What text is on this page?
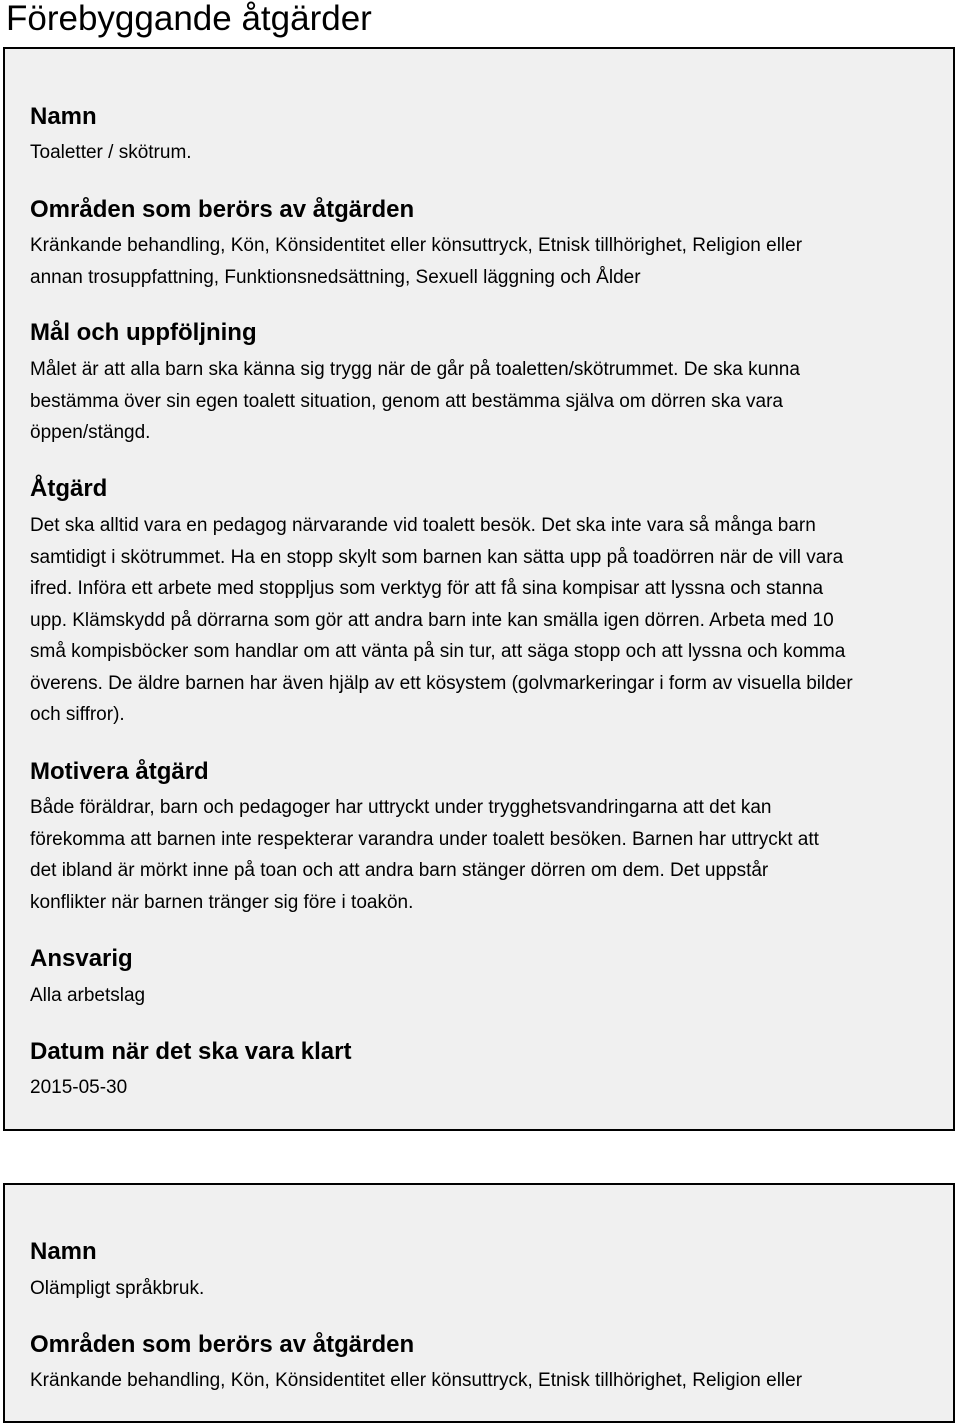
Förebyggande åtgärder
Namn

Toaletter / skötrum.

Områden som berörs av åtgärden

Kränkande behandling, Kön, Könsidentitet eller könsuttryck, Etnisk tillhörighet, Religion eller
annan trosuppfattning, Funktionsnedsättning, Sexuell läggning och Ålder

Mål och uppföljning

Målet är att alla barn ska känna sig trygg när de går på toaletten/skötrummet. De ska kunna
bestämma över sin egen toalett situation, genom att bestämma själva om dörren ska vara
öppen/stängd.

Åtgärd

Det ska alltid vara en pedagog närvarande vid toalett besök. Det ska inte vara så många barn
samtidigt i skötrummet. Ha en stopp skylt som barnen kan sätta upp på toadörren när de vill vara
ifred. Införa ett arbete med stoppljus som verktyg för att få sina kompisar att lyssna och stanna
upp. Klämskydd på dörrarna som gör att andra barn inte kan smälla igen dörren. Arbeta med 10
små kompisböcker som handlar om att vänta på sin tur, att säga stopp och att lyssna och komma
överens. De äldre barnen har även hjälp av ett kösystem (golvmarkeringar i form av visuella bilder
och siffror).

Motivera åtgärd

Både föräldrar, barn och pedagoger har uttryckt under trygghetsvandringarna att det kan
förekomma att barnen inte respekterar varandra under toalett besöken. Barnen har uttryckt att
det ibland är mörkt inne på toan och att andra barn stänger dörren om dem. Det uppstår
konflikter när barnen tränger sig före i toakön.

Ansvarig

Alla arbetslag

Datum när det ska vara klart

2015-05-30

Namn

Olämpligt språkbruk.

Områden som berörs av åtgärden

Kränkande behandling, Kön, Könsidentitet eller könsuttryck, Etnisk tillhörighet, Religion eller
